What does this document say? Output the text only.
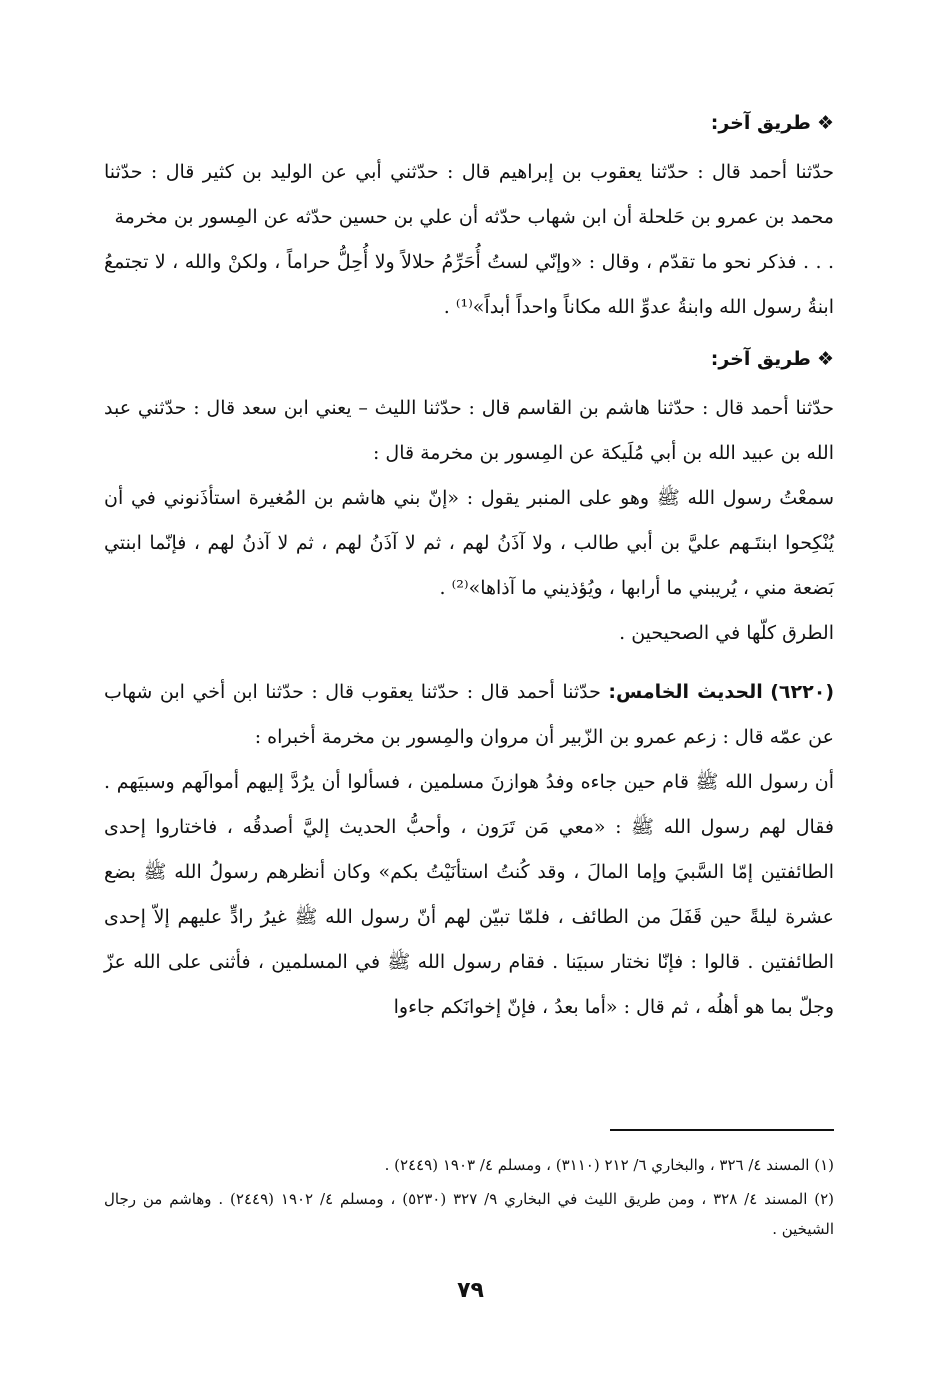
❖طريق آخر:

حدّثنا أحمد قال : حدّثنا يعقوب بن إبراهيم قال : حدّثني أبي عن الوليد بن كثير قال : حدّثنا محمد بن عمرو بن حَلحلة أن ابن شهاب حدّثه أن علي بن حسين حدّثه عن المِسور بن مخرمة

. . . فذكر نحو ما تقدّم ، وقال : «وإنّي لستُ أُحَرِّمُ حلالاً ولا أُحِلُّ حراماً ، ولكنْ والله ، لا تجتمعُ ابنةُ رسول الله وابنةُ عدوِّ الله مكاناً واحداً أبداً»⁽¹⁾ .

❖طريق آخر:

حدّثنا أحمد قال : حدّثنا هاشم بن القاسم قال : حدّثنا الليث – يعني ابن سعد قال : حدّثني عبد الله بن عبيد الله بن أبي مُلَيكة عن المِسور بن مخرمة قال :

سمعْتُ رسول الله ﷺ وهو على المنبر يقول : «إنّ بني هاشم بن المُغيرة استأذَنوني في أن يُنْكِحوا ابنتَـهم عليَّ بن أبي طالب ، ولا آذَنُ لهم ، ثم لا آذَنُ لهم ، ثم لا آذنُ لهم ، فإنّما ابنتي بَضعة مني ، يُريبني ما أرابها ، ويُؤذيني ما آذاها»⁽²⁾ .

الطرق كلّها في الصحيحين .

(٦٢٢٠) الحديث الخامس: حدّثنا أحمد قال : حدّثنا يعقوب قال : حدّثنا ابن أخي ابن شهاب عن عمّه قال : زعم عمرو بن الزّبير أن مروان والمِسور بن مخرمة أخبراه :

أن رسول الله ﷺ قام حين جاءه وفدُ هوازنَ مسلمين ، فسألوا أن يرُدَّ إليهم أموالَهم وسبيَهم . فقال لهم رسول الله ﷺ : «معي مَن تَرَون ، وأحبُّ الحديث إليَّ أصدقُه ، فاختاروا إحدى الطائفتين إمّا السَّبيَ وإما المالَ ، وقد كُنتُ استأنَيْتُ بكم» وكان أنظرهم رسولُ الله ﷺ بضع عشرة ليلةً حين قَفَلَ من الطائف ، فلمّا تبيّن لهم أنّ رسول الله ﷺ غيرُ رادٍّ عليهم إلاّ إحدى الطائفتين . قالوا : فإنّا نختار سبيَنا . فقام رسول الله ﷺ في المسلمين ، فأثنى على الله عزّ وجلّ بما هو أهلُه ، ثم قال : «أما بعدُ ، فإنّ إخوانَكم جاءوا

(١) المسند ٤/ ٣٢٦ ، والبخاري ٦/ ٢١٢ (٣١١٠) ، ومسلم ٤/ ١٩٠٣ (٢٤٤٩) .

(٢) المسند ٤/ ٣٢٨ ، ومن طريق الليث في البخاري ٩/ ٣٢٧ (٥٢٣٠) ، ومسلم ٤/ ١٩٠٢ (٢٤٤٩) . وهاشم من رجال الشيخين .

٧٩
